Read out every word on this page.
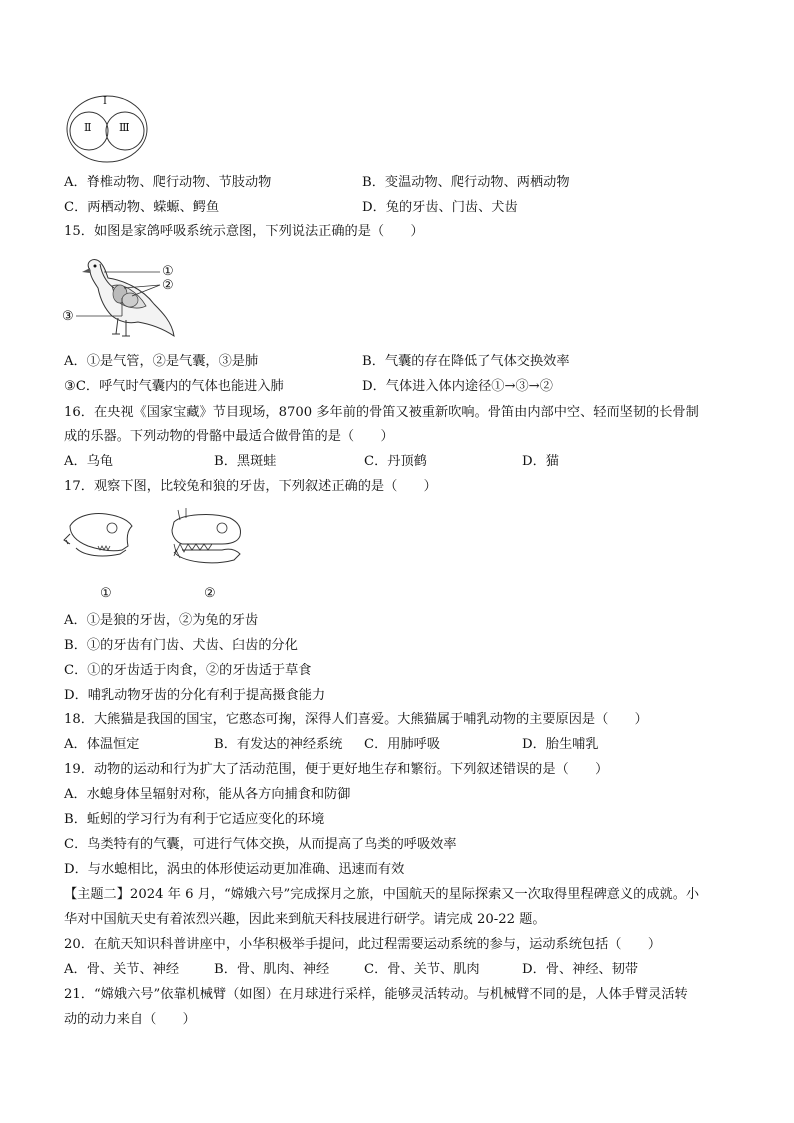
Ⅰ
Ⅱ	Ⅲ
A．脊椎动物、爬行动物、节肢动物	B．变温动物、爬行动物、两栖动物
C．两栖动物、蝾螈、鳄鱼	D．兔的牙齿、门齿、犬齿
15．如图是家鸽呼吸系统示意图，下列说法正确的是（　　）
①
②
③
A．①是气管，②是气囊，③是肺	B．气囊的存在降低了气体交换效率
③C．呼气时气囊内的气体也能进入肺	D．气体进入体内途径①→③→②
16．在央视《国家宝藏》节目现场，8700 多年前的骨笛又被重新吹响。骨笛由内部中空、轻而坚韧的长骨制
成的乐器。下列动物的骨骼中最适合做骨笛的是（　　）
A．乌龟	B．黑斑蛙	C．丹顶鹤	D．猫
17．观察下图，比较兔和狼的牙齿，下列叙述正确的是（　　）
①	②
A．①是狼的牙齿，②为兔的牙齿
B．①的牙齿有门齿、犬齿、臼齿的分化
C．①的牙齿适于肉食，②的牙齿适于草食
D．哺乳动物牙齿的分化有利于提高摄食能力
18．大熊猫是我国的国宝，它憨态可掬，深得人们喜爱。大熊猫属于哺乳动物的主要原因是（　　）
A．体温恒定	B．有发达的神经系统 C．用肺呼吸	D．胎生哺乳
19．动物的运动和行为扩大了活动范围，便于更好地生存和繁衍。下列叙述错误的是（　　）
A．水螅身体呈辐射对称，能从各方向捕食和防御
B．蚯蚓的学习行为有利于它适应变化的环境
C．鸟类特有的气囊，可进行气体交换，从而提高了鸟类的呼吸效率
D．与水螅相比，涡虫的体形使运动更加准确、迅速而有效
【主题二】2024 年 6 月，“嫦娥六号”完成探月之旅，中国航天的星际探索又一次取得里程碑意义的成就。小
华对中国航天史有着浓烈兴趣，因此来到航天科技展进行研学。请完成 20-22 题。
20．在航天知识科普讲座中，小华积极举手提问，此过程需要运动系统的参与，运动系统包括（　　）
A．骨、关节、神经	B．骨、肌肉、神经	C．骨、关节、肌肉	D．骨、神经、韧带
21．“嫦娥六号”依靠机械臂（如图）在月球进行采样，能够灵活转动。与机械臂不同的是，人体手臂灵活转
动的动力来自（　　）
